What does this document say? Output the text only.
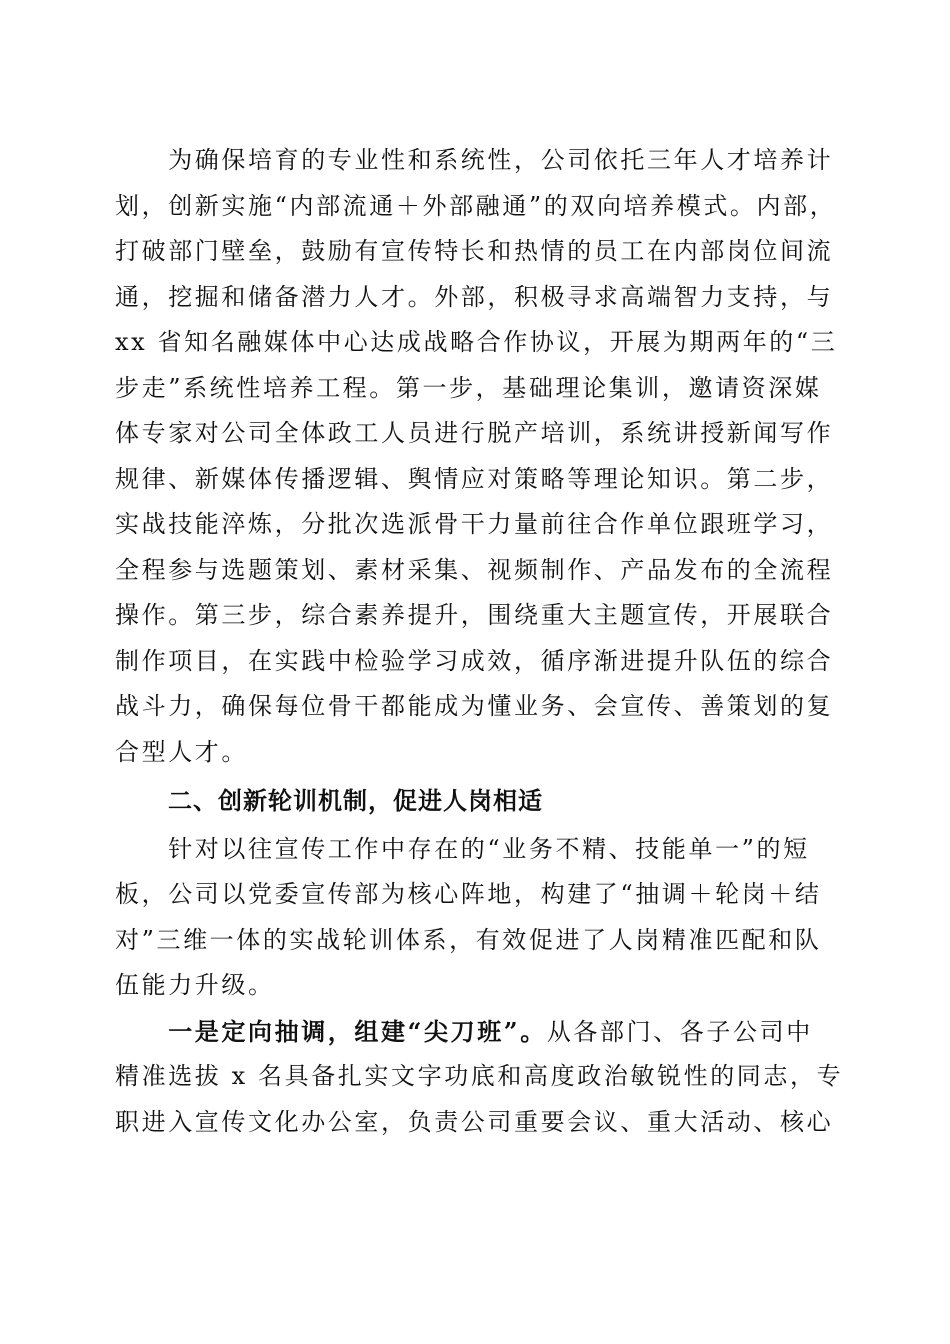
　　为确保培育的专业性和系统性，公司依托三年人才培养计
划，创新实施“内部流通＋外部融通”的双向培养模式。内部，
打破部门壁垒，鼓励有宣传特长和热情的员工在内部岗位间流
通，挖掘和储备潜力人才。外部，积极寻求高端智力支持，与
xx 省知名融媒体中心达成战略合作协议，开展为期两年的“三
步走”系统性培养工程。第一步，基础理论集训，邀请资深媒
体专家对公司全体政工人员进行脱产培训，系统讲授新闻写作
规律、新媒体传播逻辑、舆情应对策略等理论知识。第二步，
实战技能淬炼，分批次选派骨干力量前往合作单位跟班学习，
全程参与选题策划、素材采集、视频制作、产品发布的全流程
操作。第三步，综合素养提升，围绕重大主题宣传，开展联合
制作项目，在实践中检验学习成效，循序渐进提升队伍的综合
战斗力，确保每位骨干都能成为懂业务、会宣传、善策划的复
合型人才。
二、创新轮训机制，促进人岗相适
　　针对以往宣传工作中存在的“业务不精、技能单一”的短
板，公司以党委宣传部为核心阵地，构建了“抽调＋轮岗＋结
对”三维一体的实战轮训体系，有效促进了人岗精准匹配和队
伍能力升级。
　　一是定向抽调，组建“尖刀班”。从各部门、各子公司中
精准选拔 x 名具备扎实文字功底和高度政治敏锐性的同志，专
职进入宣传文化办公室，负责公司重要会议、重大活动、核心
